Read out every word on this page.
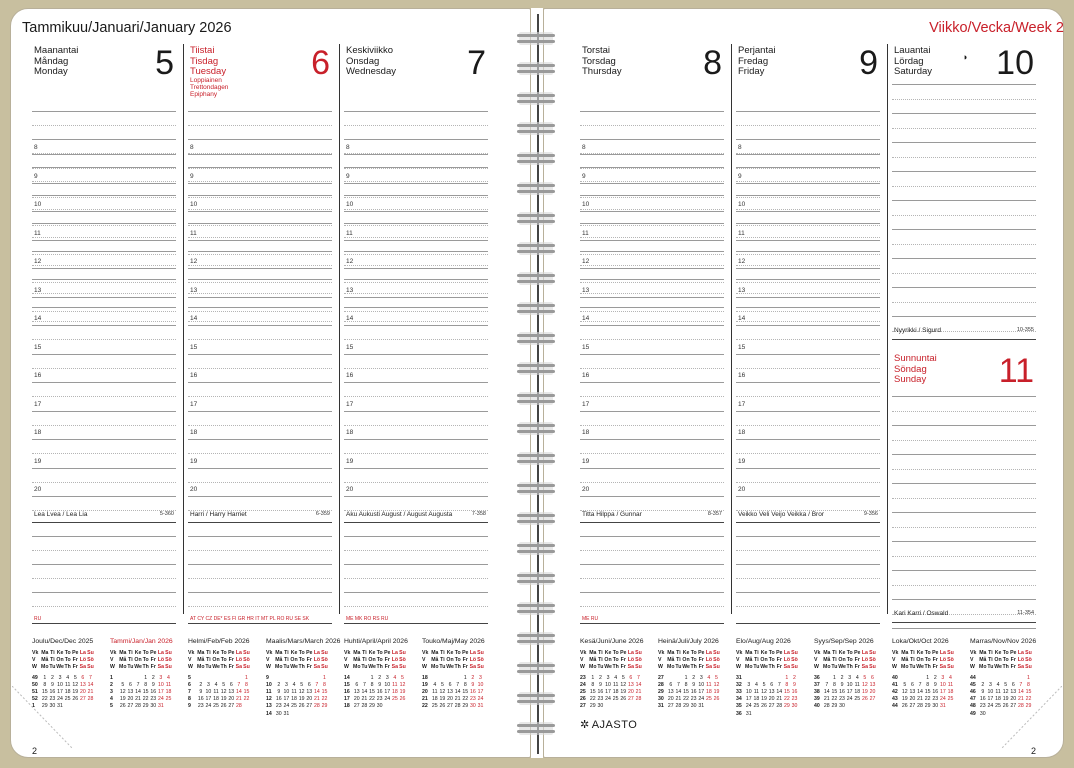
Tammikuu/Januari/January 2026	Viikko/Vecka/Week 2
Maanantai
Måndag
Monday	5
8
9
10
11
12
13
14
15
16
17
18
19
20
Lea Lvea / Lea Lia	5-360
RU
Tiistai
Tisdag
Tuesday 6
Loppiainen
Trettondagen
Epiphany
8
9
10
11
12
13
14
15
16
17
18
19
20
Harri / Harry Harriet	6-359
AT CY CZ DE* ES FI GR HR IT MT PL RO RU SE SK
Keskiviikko
Onsdag
Wednesday 7
8
9
10
11
12
13
14
15
16
17
18
19
20
Aku Aukusti August / August Augusta	7-358
ME MK RO RS RU
Torstai
Torsdag
Thursday 8
8
9
10
11
12
13
14
15
16
17
18
19
20
Titta Hilppa / Gunnar	8-357
ME RU
Perjantai
Fredag
Friday	9
8
9
10
11
12
13
14
15
16
17
18
19
20
Veikko Veli Veijo Veikka / Bror	9-356
Lauantai
Lördag
Saturday 10
◑
Nyyrikki / Sigurd	10-355
Sunnuntai
Söndag
Sunday	11
Kari Karri / Oswald	11-354
Joulu/Dec/Dec 2025
Vk	Ma	Ti	Ke	To	Pe	La	Su
V	Må	Ti	On	To	Fr	Lö	Sö
W	Mo	Tu	We	Th	Fr	Sa	Su

49	1	2	3	4	5	6	7
50	8	9	10	11	12	13	14
51	15	16	17	18	19	20	21
52	22	23	24	25	26	27	28
1	29	30	31				
Tammi/Jan/Jan 2026
Vk	Ma	Ti	Ke	To	Pe	La	Su
V	Må	Ti	On	To	Fr	Lö	Sö
W	Mo	Tu	We	Th	Fr	Sa	Su

1				1	2	3	4
2	5	6	7	8	9	10	11
3	12	13	14	15	16	17	18
4	19	20	21	22	23	24	25
5	26	27	28	29	30	31	
Helmi/Feb/Feb 2026
Vk	Ma	Ti	Ke	To	Pe	La	Su
V	Må	Ti	On	To	Fr	Lö	Sö
W	Mo	Tu	We	Th	Fr	Sa	Su

5							1
6	2	3	4	5	6	7	8
7	9	10	11	12	13	14	15
8	16	17	18	19	20	21	22
9	23	24	25	26	27	28	
Maalis/Mars/March 2026
Vk	Ma	Ti	Ke	To	Pe	La	Su
V	Må	Ti	On	To	Fr	Lö	Sö
W	Mo	Tu	We	Th	Fr	Sa	Su

9							1
10	2	3	4	5	6	7	8
11	9	10	11	12	13	14	15
12	16	17	18	19	20	21	22
13	23	24	25	26	27	28	29
14	30	31					
Huhti/April/April 2026
Vk	Ma	Ti	Ke	To	Pe	La	Su
V	Må	Ti	On	To	Fr	Lö	Sö
W	Mo	Tu	We	Th	Fr	Sa	Su

14			1	2	3	4	5
15	6	7	8	9	10	11	12
16	13	14	15	16	17	18	19
17	20	21	22	23	24	25	26
18	27	28	29	30			
Touko/Maj/May 2026
Vk	Ma	Ti	Ke	To	Pe	La	Su
V	Må	Ti	On	To	Fr	Lö	Sö
W	Mo	Tu	We	Th	Fr	Sa	Su

18					1	2	3
19	4	5	6	7	8	9	10
20	11	12	13	14	15	16	17
21	18	19	20	21	22	23	24
22	25	26	27	28	29	30	31
Kesä/Juni/June 2026
Vk	Ma	Ti	Ke	To	Pe	La	Su
V	Må	Ti	On	To	Fr	Lö	Sö
W	Mo	Tu	We	Th	Fr	Sa	Su

23	1	2	3	4	5	6	7
24	8	9	10	11	12	13	14
25	15	16	17	18	19	20	21
26	22	23	24	25	26	27	28
27	29	30					
Heinä/Juli/July 2026
Vk	Ma	Ti	Ke	To	Pe	La	Su
V	Må	Ti	On	To	Fr	Lö	Sö
W	Mo	Tu	We	Th	Fr	Sa	Su

27			1	2	3	4	5
28	6	7	8	9	10	11	12
29	13	14	15	16	17	18	19
30	20	21	22	23	24	25	26
31	27	28	29	30	31		
Elo/Aug/Aug 2026
Vk	Ma	Ti	Ke	To	Pe	La	Su
V	Må	Ti	On	To	Fr	Lö	Sö
W	Mo	Tu	We	Th	Fr	Sa	Su

31						1	2
32	3	4	5	6	7	8	9
33	10	11	12	13	14	15	16
34	17	18	19	20	21	22	23
35	24	25	26	27	28	29	30
36	31						
Syys/Sep/Sep 2026
Vk	Ma	Ti	Ke	To	Pe	La	Su
V	Må	Ti	On	To	Fr	Lö	Sö
W	Mo	Tu	We	Th	Fr	Sa	Su

36		1	2	3	4	5	6
37	7	8	9	10	11	12	13
38	14	15	16	17	18	19	20
39	21	22	23	24	25	26	27
40	28	29	30				
Loka/Okt/Oct 2026
Vk	Ma	Ti	Ke	To	Pe	La	Su
V	Må	Ti	On	To	Fr	Lö	Sö
W	Mo	Tu	We	Th	Fr	Sa	Su

40				1	2	3	4
41	5	6	7	8	9	10	11
42	12	13	14	15	16	17	18
43	19	20	21	22	23	24	25
44	26	27	28	29	30	31	
Marras/Nov/Nov 2026
Vk	Ma	Ti	Ke	To	Pe	La	Su
V	Må	Ti	On	To	Fr	Lö	Sö
W	Mo	Tu	We	Th	Fr	Sa	Su

44							1
45	2	3	4	5	6	7	8
46	9	10	11	12	13	14	15
47	16	17	18	19	20	21	22
48	23	24	25	26	27	28	29
49	30						
2	2
✲ AJASTO
